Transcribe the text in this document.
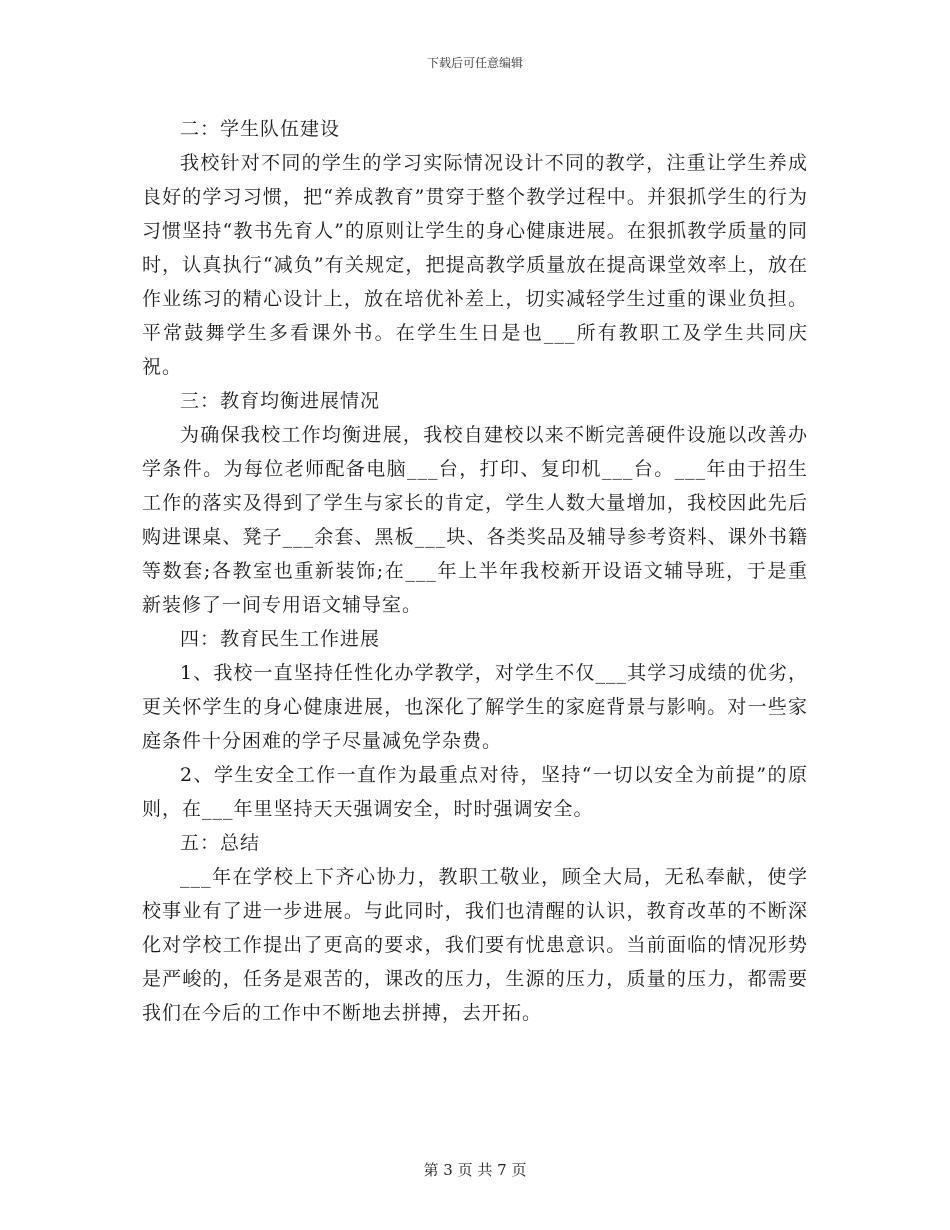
下载后可任意编辑

二：学生队伍建设

我校针对不同的学生的学习实际情况设计不同的教学，注重让学生养成良好的学习习惯，把“养成教育”贯穿于整个教学过程中。并狠抓学生的行为习惯坚持“教书先育人”的原则让学生的身心健康进展。在狠抓教学质量的同时，认真执行“减负”有关规定，把提高教学质量放在提高课堂效率上，放在作业练习的精心设计上，放在培优补差上，切实减轻学生过重的课业负担。平常鼓舞学生多看课外书。在学生生日是也___所有教职工及学生共同庆祝。

三：教育均衡进展情况

为确保我校工作均衡进展，我校自建校以来不断完善硬件设施以改善办学条件。为每位老师配备电脑___台，打印、复印机___台。___年由于招生工作的落实及得到了学生与家长的肯定，学生人数大量增加，我校因此先后购进课桌、凳子___余套、黑板___块、各类奖品及辅导参考资料、课外书籍等数套;各教室也重新装饰;在___年上半年我校新开设语文辅导班，于是重新装修了一间专用语文辅导室。

四：教育民生工作进展

1、我校一直坚持任性化办学教学，对学生不仅___其学习成绩的优劣，更关怀学生的身心健康进展，也深化了解学生的家庭背景与影响。对一些家庭条件十分困难的学子尽量减免学杂费。

2、学生安全工作一直作为最重点对待，坚持“一切以安全为前提”的原则，在___年里坚持天天强调安全，时时强调安全。

五：总结

___年在学校上下齐心协力，教职工敬业，顾全大局，无私奉献，使学校事业有了进一步进展。与此同时，我们也清醒的认识，教育改革的不断深化对学校工作提出了更高的要求，我们要有忧患意识。当前面临的情况形势是严峻的，任务是艰苦的，课改的压力，生源的压力，质量的压力，都需要我们在今后的工作中不断地去拼搏，去开拓。

第 3 页 共 7 页
